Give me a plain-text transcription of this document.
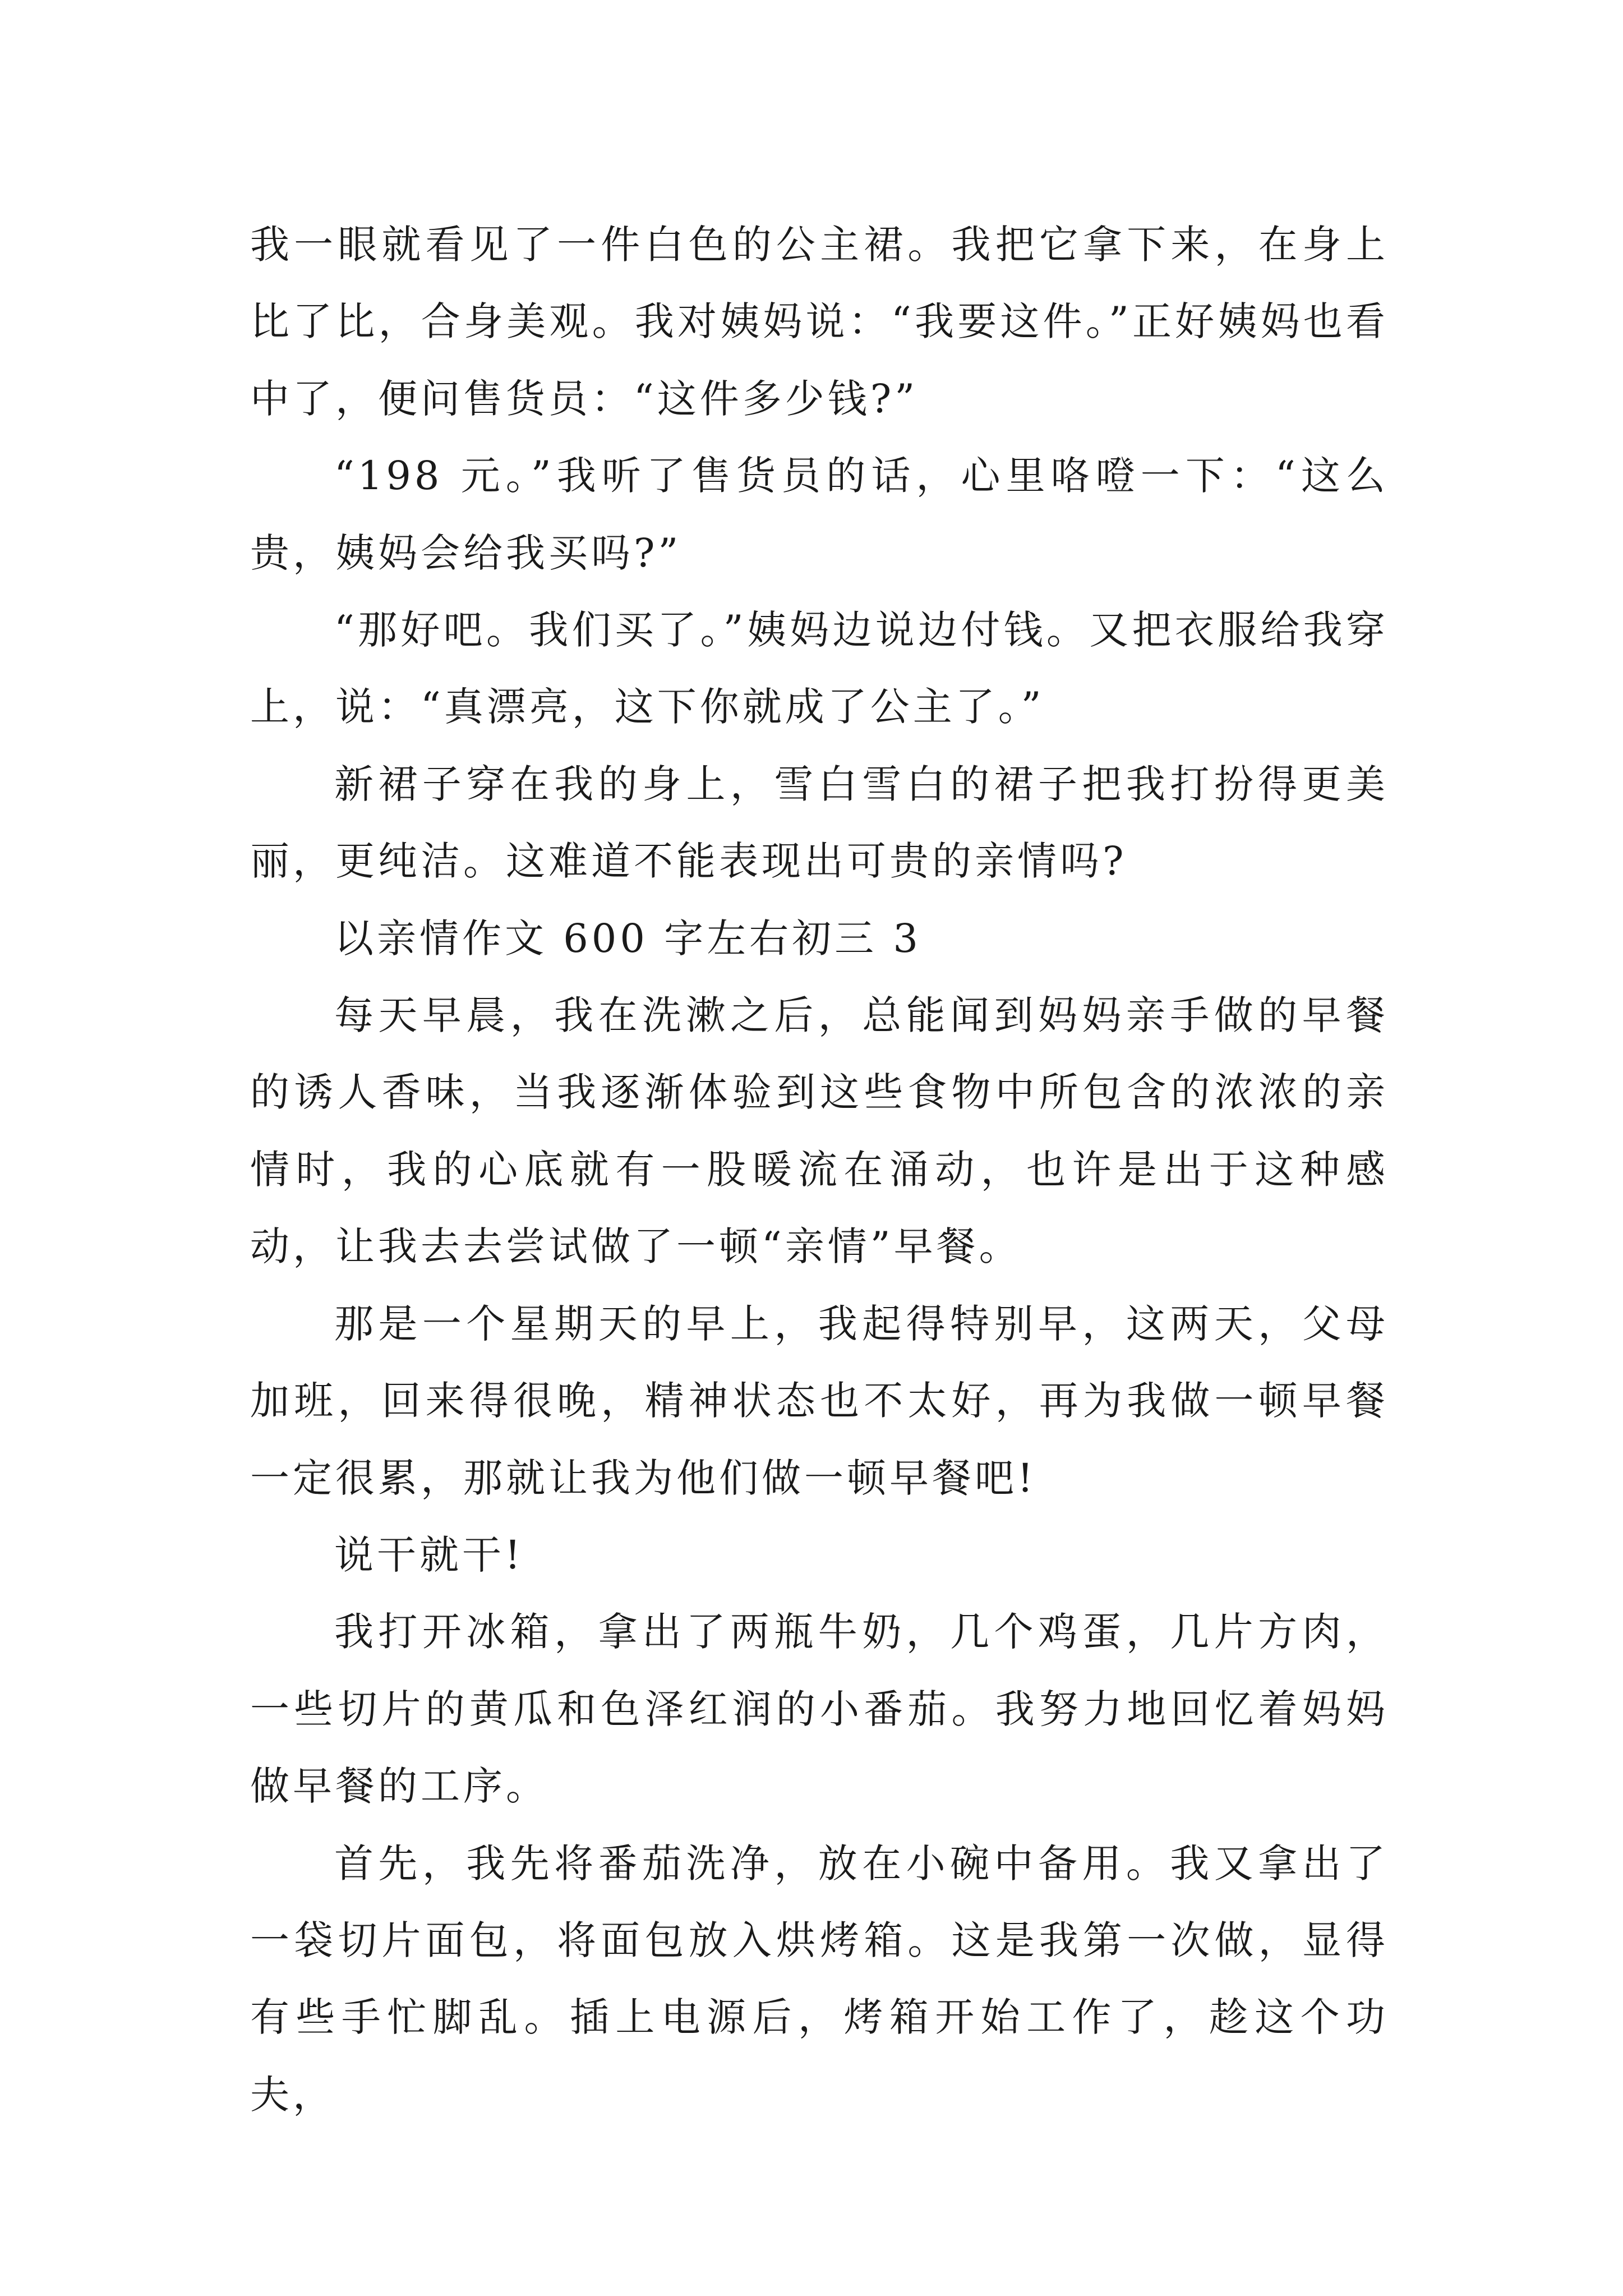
我一眼就看见了一件白色的公主裙。我把它拿下来，在身上比了比，合身美观。我对姨妈说：“我要这件。”正好姨妈也看中了，便问售货员：“这件多少钱?”

“198 元。”我听了售货员的话，心里咯噔一下：“这么贵，姨妈会给我买吗?”

“那好吧。我们买了。”姨妈边说边付钱。又把衣服给我穿上，说：“真漂亮，这下你就成了公主了。”

新裙子穿在我的身上，雪白雪白的裙子把我打扮得更美丽，更纯洁。这难道不能表现出可贵的亲情吗?

以亲情作文 600 字左右初三 3

每天早晨，我在洗漱之后，总能闻到妈妈亲手做的早餐的诱人香味，当我逐渐体验到这些食物中所包含的浓浓的亲情时，我的心底就有一股暖流在涌动，也许是出于这种感动，让我去去尝试做了一顿“亲情”早餐。

那是一个星期天的早上，我起得特别早，这两天，父母加班，回来得很晚，精神状态也不太好，再为我做一顿早餐一定很累，那就让我为他们做一顿早餐吧!

说干就干!

我打开冰箱，拿出了两瓶牛奶，几个鸡蛋，几片方肉，一些切片的黄瓜和色泽红润的小番茄。我努力地回忆着妈妈做早餐的工序。

首先，我先将番茄洗净，放在小碗中备用。我又拿出了一袋切片面包，将面包放入烘烤箱。这是我第一次做，显得有些手忙脚乱。插上电源后，烤箱开始工作了，趁这个功夫，
